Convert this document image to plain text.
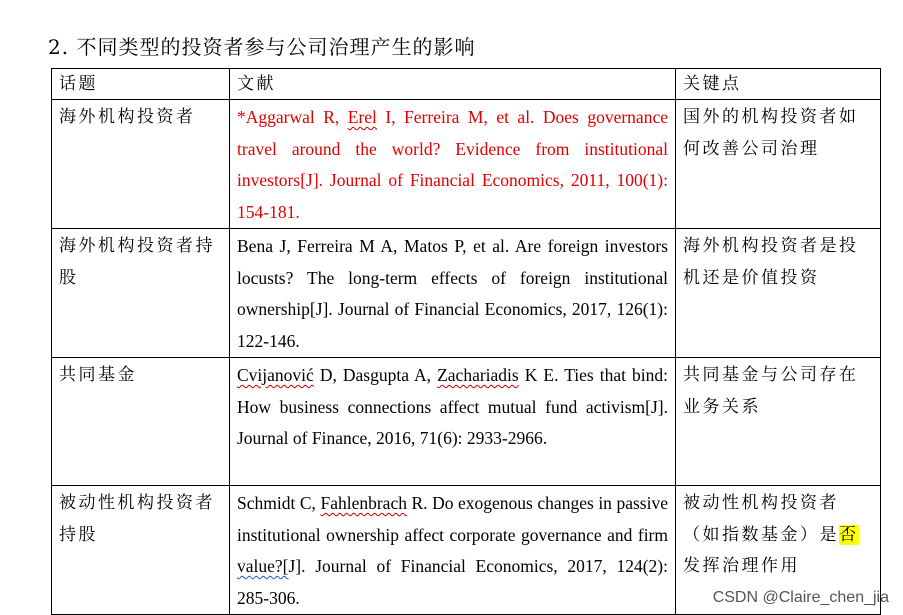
2. 不同类型的投资者参与公司治理产生的影响
话题	文献	关键点
海外机构投资者	*Aggarwal R, Erel I, Ferreira M, et al. Does governance travel around the world? Evidence from institutional investors[J]. Journal of Financial Economics, 2011, 100(1): 154-181.	国外的机构投资者如何改善公司治理
海外机构投资者持股	Bena J, Ferreira M A, Matos P, et al. Are foreign investors locusts? The long-term effects of foreign institutional ownership[J]. Journal of Financial Economics, 2017, 126(1): 122-146.	海外机构投资者是投机还是价值投资
共同基金	Cvijanović D, Dasgupta A, Zachariadis K E. Ties that bind: How business connections affect mutual fund activism[J]. Journal of Finance, 2016, 71(6): 2933-2966.	共同基金与公司存在业务关系
被动性机构投资者持股	Schmidt C, Fahlenbrach R. Do exogenous changes in passive institutional ownership affect corporate governance and firm value?[J]. Journal of Financial Economics, 2017, 124(2): 285-306.	被动性机构投资者（如指数基金）是否发挥治理作用
CSDN @Claire_chen_jia
